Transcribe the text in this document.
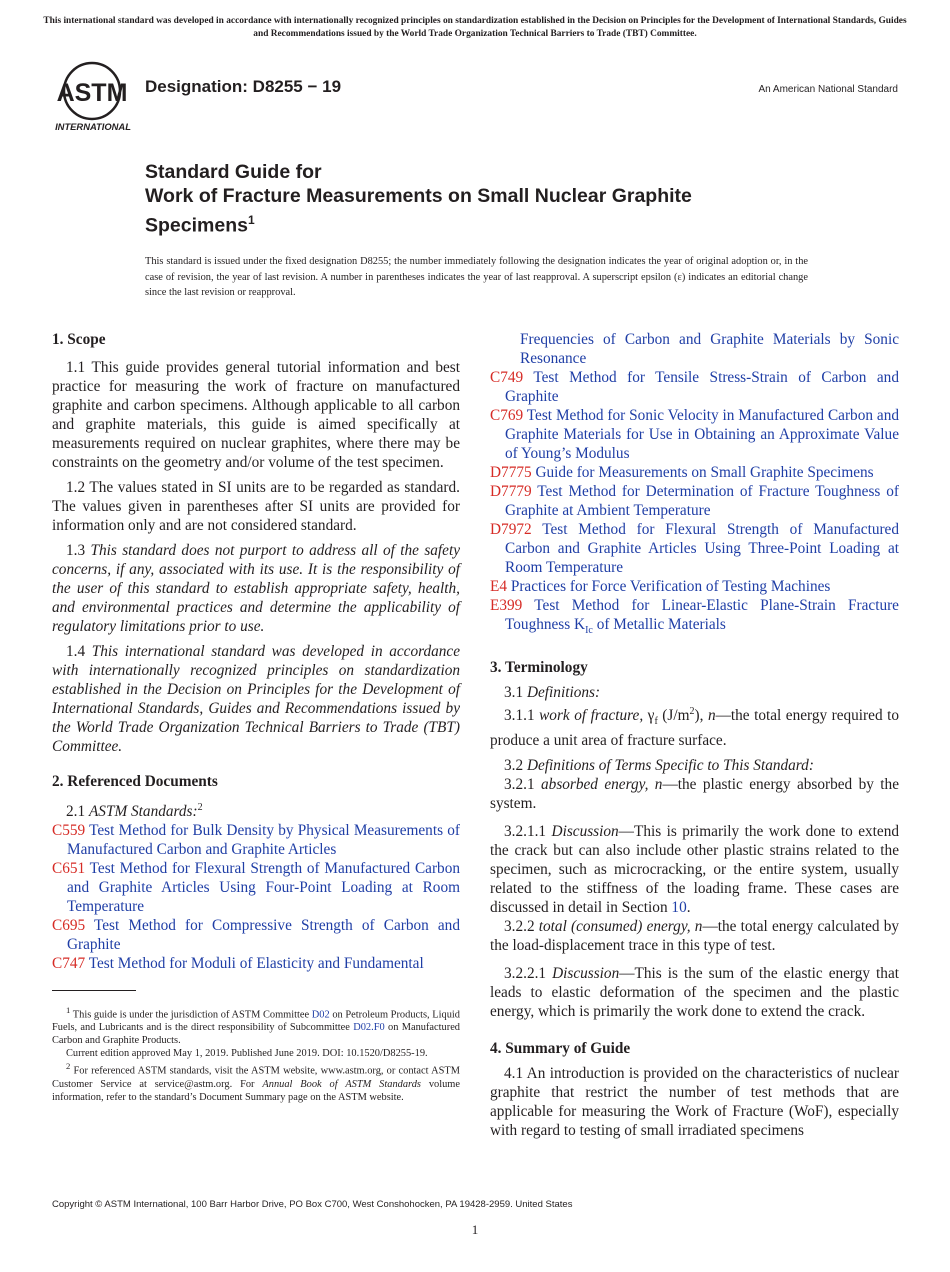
This international standard was developed in accordance with internationally recognized principles on standardization established in the Decision on Principles for the Development of International Standards, Guides and Recommendations issued by the World Trade Organization Technical Barriers to Trade (TBT) Committee.
ASTM
INTERNATIONAL
Designation: D8255 − 19	An American National Standard
Standard Guide for
Work of Fracture Measurements on Small Nuclear Graphite
Specimens$^1$
This standard is issued under the fixed designation D8255; the number immediately following the designation indicates the year of original adoption or, in the case of revision, the year of last revision. A number in parentheses indicates the year of last reapproval. A superscript epsilon (ε) indicates an editorial change since the last revision or reapproval.

1. Scope

1.1 This guide provides general tutorial information and best practice for measuring the work of fracture on manufactured graphite and carbon specimens. Although applicable to all carbon and graphite materials, this guide is aimed specifically at measurements required on nuclear graphites, where there may be constraints on the geometry and/or volume of the test specimen.

1.2 The values stated in SI units are to be regarded as standard. The values given in parentheses after SI units are provided for information only and are not considered standard.

1.3 This standard does not purport to address all of the safety concerns, if any, associated with its use. It is the responsibility of the user of this standard to establish appropriate safety, health, and environmental practices and determine the applicability of regulatory limitations prior to use.

1.4 This international standard was developed in accordance with internationally recognized principles on standardization established in the Decision on Principles for the Development of International Standards, Guides and Recommendations issued by the World Trade Organization Technical Barriers to Trade (TBT) Committee.

2. Referenced Documents

2.1 ASTM Standards:$^2$

C559 Test Method for Bulk Density by Physical Measurements of Manufactured Carbon and Graphite Articles

C651 Test Method for Flexural Strength of Manufactured Carbon and Graphite Articles Using Four-Point Loading at Room Temperature

C695 Test Method for Compressive Strength of Carbon and Graphite

C747 Test Method for Moduli of Elasticity and Fundamental

$^1$ This guide is under the jurisdiction of ASTM Committee D02 on Petroleum Products, Liquid Fuels, and Lubricants and is the direct responsibility of Subcommittee D02.F0 on Manufactured Carbon and Graphite Products.

Current edition approved May 1, 2019. Published June 2019. DOI: 10.1520/D8255-19.

$^2$ For referenced ASTM standards, visit the ASTM website, www.astm.org, or contact ASTM Customer Service at service@astm.org. For Annual Book of ASTM Standards volume information, refer to the standard’s Document Summary page on the ASTM website.

Frequencies of Carbon and Graphite Materials by Sonic Resonance

C749 Test Method for Tensile Stress-Strain of Carbon and Graphite

C769 Test Method for Sonic Velocity in Manufactured Carbon and Graphite Materials for Use in Obtaining an Approximate Value of Young’s Modulus

D7775 Guide for Measurements on Small Graphite Specimens

D7779 Test Method for Determination of Fracture Toughness of Graphite at Ambient Temperature

D7972 Test Method for Flexural Strength of Manufactured Carbon and Graphite Articles Using Three-Point Loading at Room Temperature

E4 Practices for Force Verification of Testing Machines

E399 Test Method for Linear-Elastic Plane-Strain Fracture Toughness $K_{Ic}$ of Metallic Materials

3. Terminology

3.1 Definitions:

3.1.1 work of fracture, $\gamma_f$ $(J/m^2)$, n—the total energy required to produce a unit area of fracture surface.

3.2 Definitions of Terms Specific to This Standard:

3.2.1 absorbed energy, n—the plastic energy absorbed by the system.

3.2.1.1 Discussion—This is primarily the work done to extend the crack but can also include other plastic strains related to the specimen, such as microcracking, or the entire system, usually related to the stiffness of the loading frame. These cases are discussed in detail in Section 10.

3.2.2 total (consumed) energy, n—the total energy calculated by the load-displacement trace in this type of test.

3.2.2.1 Discussion—This is the sum of the elastic energy that leads to elastic deformation of the specimen and the plastic energy, which is primarily the work done to extend the crack.

4. Summary of Guide

4.1 An introduction is provided on the characteristics of nuclear graphite that restrict the number of test methods that are applicable for measuring the Work of Fracture (WoF), especially with regard to testing of small irradiated specimens

Copyright © ASTM International, 100 Barr Harbor Drive, PO Box C700, West Conshohocken, PA 19428-2959. United States
1
